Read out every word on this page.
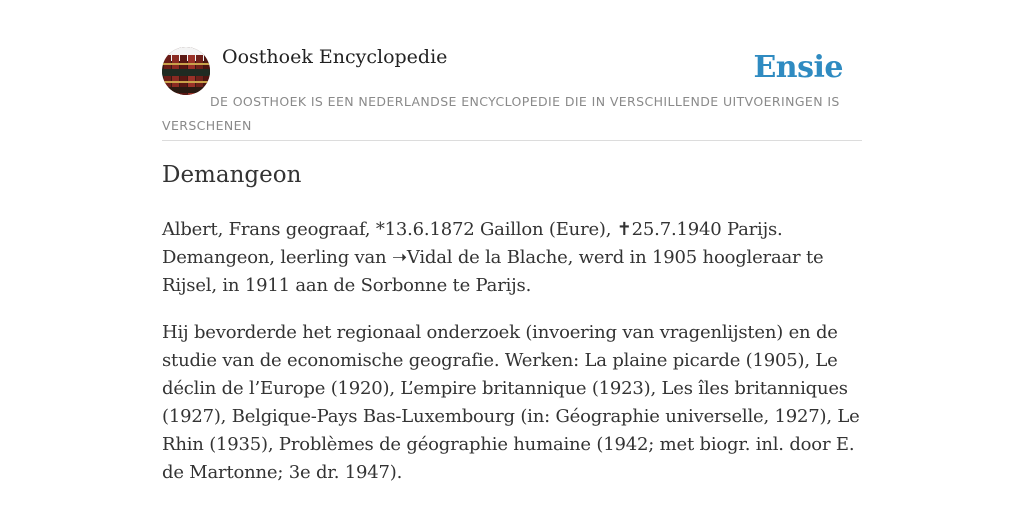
Oosthoek Encyclopedie	Ensie

DE OOSTHOEK IS EEN NEDERLANDSE ENCYCLOPEDIE DIE IN VERSCHILLENDE UITVOERINGEN IS VERSCHENEN

Demangeon

Albert, Frans geograaf, *13.6.1872 Gaillon (Eure), ✝25.7.1940 Parijs. Demangeon, leerling van ➝Vidal de la Blache, werd in 1905 hoogleraar te Rijsel, in 1911 aan de Sorbonne te Parijs.

Hij bevorderde het regionaal onderzoek (invoering van vragenlijsten) en de studie van de economische geografie. Werken: La plaine picarde (1905), Le déclin de l’Europe (1920), L’empire britannique (1923), Les îles britanniques (1927), Belgique-Pays Bas-Luxembourg (in: Géographie universelle, 1927), Le Rhin (1935), Problèmes de géographie humaine (1942; met biogr. inl. door E. de Martonne; 3e dr. 1947).
